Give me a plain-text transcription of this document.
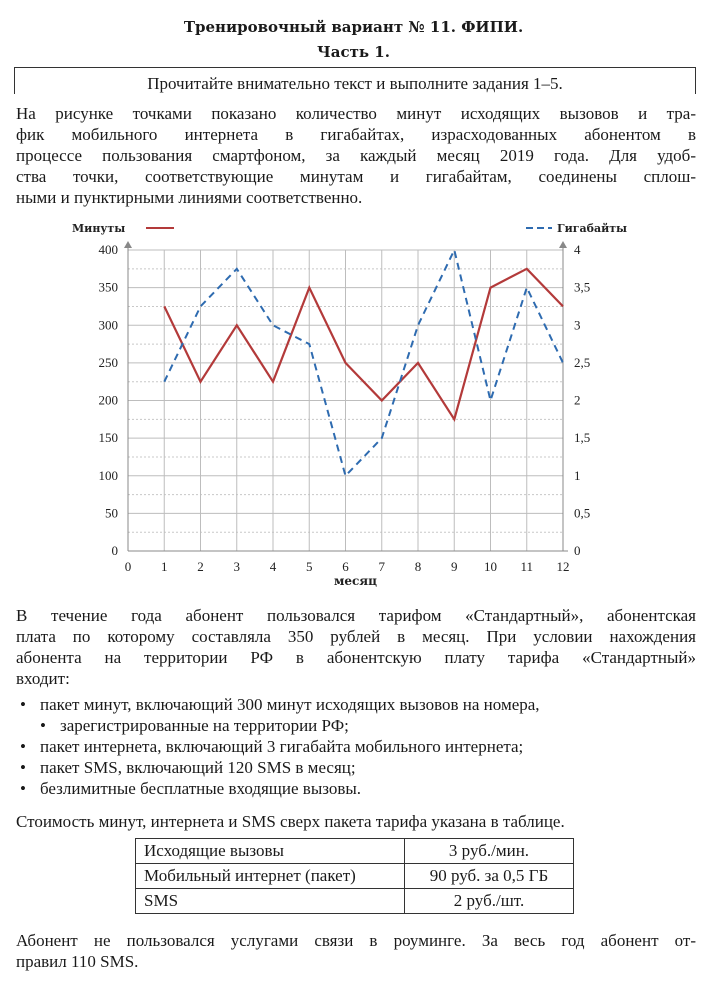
Тренировочный вариант № 11. ФИПИ.
Часть 1.
Прочитайте внимательно текст и выполните задания 1–5.

На рисунке точками показано количество минут исходящих вызовов и тра-

фик мобильного интернета в гигабайтах, израсходованных абонентом в

процессе пользования смартфоном, за каждый месяц 2019 года. Для удоб-

ства точки, соответствующие минутам и гигабайтам, соединены сплош-

ными и пунктирными линиями соответственно.

0
50
100
150
200
250
300
350
400
0
0,5
1
1,5
2
2,5
3
3,5
4
0 1 2 3 4 5 6 7 8 9 10 11 12
месяц
Минуты	Гигабайты

В течение года абонент пользовался тарифом «Стандартный», абонентская

плата по которому составляла 350 рублей в месяц. При условии нахождения

абонента на территории РФ в абонентскую плату тарифа «Стандартный»

входит:

• пакет минут, включающий 300 минут исходящих вызовов на номера,

• зарегистрированные на территории РФ;

• пакет интернета, включающий 3 гигабайта мобильного интернета;

• пакет SMS, включающий 120 SMS в месяц;

• безлимитные бесплатные входящие вызовы.

Стоимость минут, интернета и SMS сверх пакета тарифа указана в таблице.

Исходящие вызовы	3 руб./мин.
Мобильный интернет (пакет)	90 руб. за 0,5 ГБ
SMS	2 руб./шт.

Абонент не пользовался услугами связи в роуминге. За весь год абонент от-

правил 110 SMS.
